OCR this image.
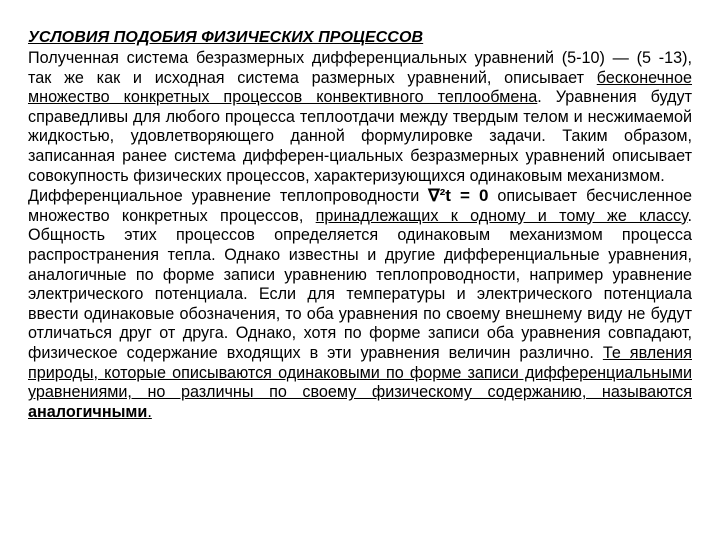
УСЛОВИЯ ПОДОБИЯ ФИЗИЧЕСКИХ ПРОЦЕССОВ

Полученная система безразмерных дифференциальных уравнений (5-10) — (5 -13), так же как и исходная система размерных уравнений, описывает бесконечное множество конкретных процессов конвективного теплообмена. Уравнения будут справедливы для любого процесса теплоотдачи между твердым телом и несжимаемой жидкостью, удовлетворяющего данной формулировке задачи. Таким образом, записанная ранее система дифферен-циальных безразмерных уравнений описывает совокупность физических процессов, характеризующихся одинаковым механизмом.

Дифференциальное уравнение теплопроводности ∇²t = 0 описывает бесчисленное множество конкретных процессов, принадлежащих к одному и тому же классу. Общность этих процессов определяется одинаковым механизмом процесса распространения тепла. Однако известны и другие дифференциальные уравнения, аналогичные по форме записи уравнению теплопроводности, например уравнение электрического потенциала. Если для температуры и электрического потенциала ввести одинаковые обозначения, то оба уравнения по своему внешнему виду не будут отличаться друг от друга. Однако, хотя по форме записи оба уравнения совпадают, физическое содержание входящих в эти уравнения величин различно. Те явления природы, которые описываются одинаковыми по форме записи дифференциальными уравнениями, но различны по своему физическому содержанию, называются аналогичными.
